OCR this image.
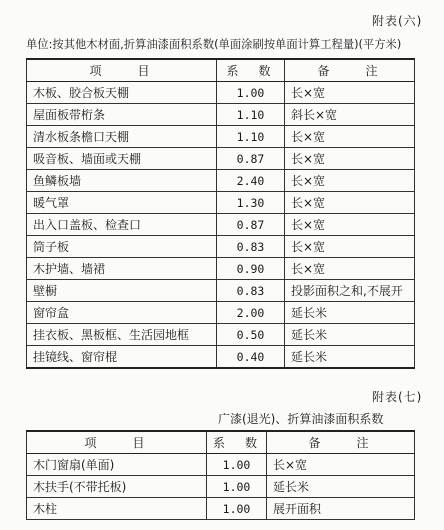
附表(六)
单位:按其他木材面,折算油漆面积系数(单面涂刷按单面计算工程量)(平方米)
项　　目	系　数	备　　注
木板、胶合板天棚	1.00	长×宽
屋面板带桁条	1.10	斜长×宽
清水板条檐口天棚	1.10	长×宽
吸音板、墙面或天棚	0.87	长×宽
鱼鳞板墙	2.40	长×宽
暖气罩	1.30	长×宽
出入口盖板、检查口	0.87	长×宽
筒子板	0.83	长×宽
木护墙、墙裙	0.90	长×宽
壁橱	0.83	投影面积之和,不展开
窗帘盒	2.00	延长米
挂衣板、黑板框、生活园地框	0.50	延长米
挂镜线、窗帘棍	0.40	延长米
附表(七)
广漆(退光)、折算油漆面积系数
项　　目	系　数	备　　注
木门窗扇(单面)	1.00	长×宽
木扶手(不带托板)	1.00	延长米
木柱	1.00	展开面积
